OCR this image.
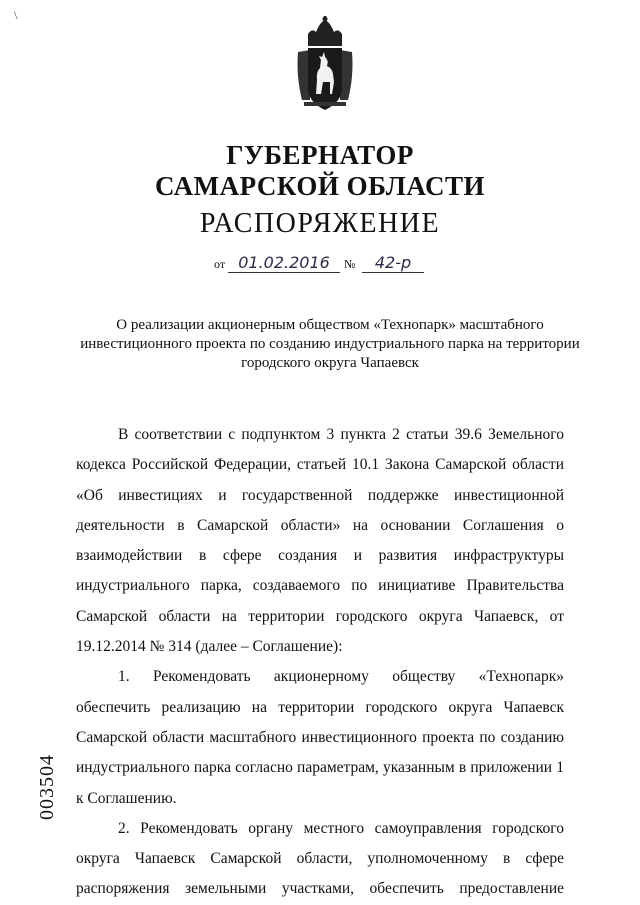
\
ГУБЕРНАТОР
САМАРСКОЙ ОБЛАСТИ
РАСПОРЯЖЕНИЕ
от 01.02.2016	№	42-р
О реализации акционерным обществом «Технопарк» масштабного инвестиционного проекта по созданию индустриального парка на территории городского округа Чапаевск

В соответствии с подпунктом 3 пункта 2 статьи 39.6 Земельного кодекса Российской Федерации, статьей 10.1 Закона Самарской области «Об инвестициях и государственной поддержке инвестиционной деятельности в Самарской области» на основании Соглашения о взаимодействии в сфере создания и развития инфраструктуры индустриального парка, создаваемого по инициативе Правительства Самарской области на территории городского округа Чапаевск, от 19.12.2014 № 314 (далее – Соглашение):

1. Рекомендовать акционерному обществу «Технопарк» обеспечить реализацию на территории городского округа Чапаевск Самарской области масштабного инвестиционного проекта по созданию индустриального парка согласно параметрам, указанным в приложении 1 к Соглашению.

2. Рекомендовать органу местного самоуправления городского округа Чапаевск Самарской области, уполномоченному в сфере распоряжения земельными участками, обеспечить предоставление

003504
